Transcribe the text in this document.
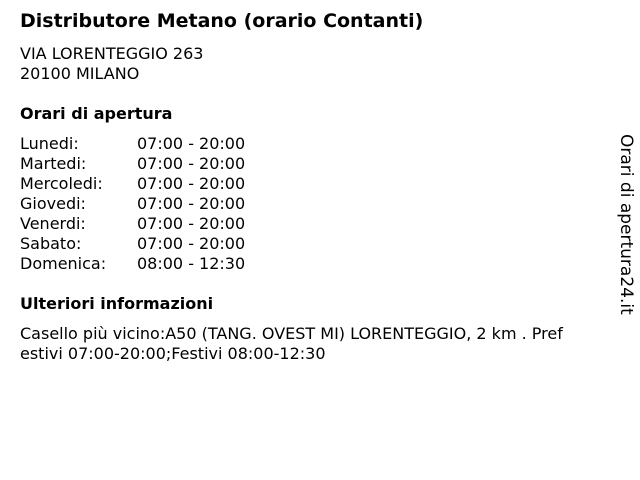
Distributore Metano (orario Contanti)
VIA LORENTEGGIO 263
20100 MILANO
Orari di apertura
Lunedi:	07:00 - 20:00
Martedi:	07:00 - 20:00
Mercoledi:	07:00 - 20:00
Giovedi:	07:00 - 20:00
Venerdi:	07:00 - 20:00
Sabato:	07:00 - 20:00
Domenica:	08:00 - 12:30
Ulteriori informazioni
Casello più vicino:A50 (TANG. OVEST MI) LORENTEGGIO, 2 km . Pref
estivi 07:00-20:00;Festivi 08:00-12:30
Orari di apertura24.it
